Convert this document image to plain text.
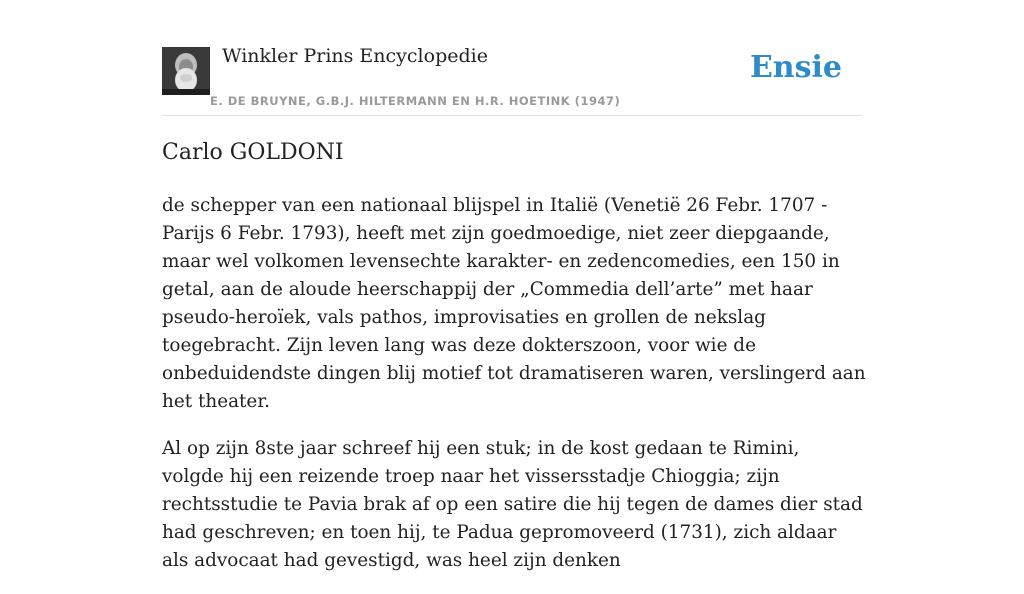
Winkler Prins Encyclopedie
E. DE BRUYNE, G.B.J. HILTERMANN EN H.R. HOETINK (1947)
Ensie
Carlo GOLDONI

de schepper van een nationaal blijspel in Italië (Venetië 26 Febr. 1707 - Parijs 6 Febr. 1793), heeft met zijn goedmoedige, niet zeer diepgaande, maar wel volkomen levensechte karakter- en zedencomedies, een 150 in getal, aan de aloude heerschappij der „Commedia dell’arte” met haar pseudo-heroïek, vals pathos, improvisaties en grollen de nekslag toegebracht. Zijn leven lang was deze dokterszoon, voor wie de onbeduidendste dingen blij motief tot dramatiseren waren, verslingerd aan het theater.

Al op zijn 8ste jaar schreef hij een stuk; in de kost gedaan te Rimini, volgde hij een reizende troep naar het vissersstadje Chioggia; zijn rechtsstudie te Pavia brak af op een satire die hij tegen de dames dier stad had geschreven; en toen hij, te Padua gepromoveerd (1731), zich aldaar als advocaat had gevestigd, was heel zijn denken
